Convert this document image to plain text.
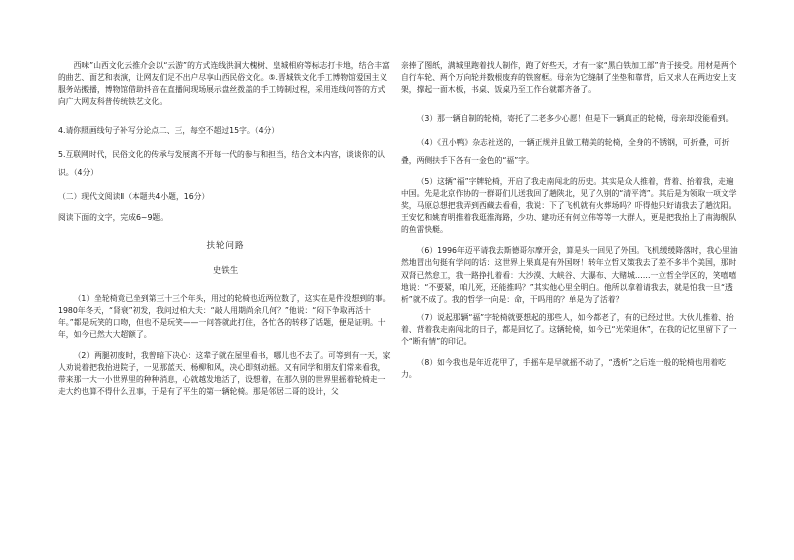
西味”山西文化云推介会以“云游”的方式连线洪洞大槐树、皇城相府等标志打卡地，结合丰富的曲艺、面艺和表演，让网友们足不出户尽享山西民俗文化。⑤.晋城铁文化手工博物馆爱国主义服务站搬播，博物馆借助抖音在直播间现场展示盘丝拨盖的手工铸制过程，采用连线问答的方式向广大网友科普传统铁艺文化。

4.请你照画线句子补写分论点二、三，每空不超过15字。（4分）

5.互联网时代，民俗文化的传承与发展离不开每一代的参与和担当，结合文本内容，谈谈你的认识。（4分）

（二）现代文阅读Ⅱ（本题共4小题，16分）

阅读下面的文字，完成6~9题。

扶轮问路

史铁生

（1）坐轮椅竟已坐到第三十三个年头，用过的轮椅也近两位数了，这实在是件没想到的事。1980年冬天，“肾衰”初发，我问过柏大夫：“敲人用期尚余几何？”他说：“闷下争取再活十年。”都是玩笑的口吻，但也不是玩笑——一问答就此打住，各忙各的转移了话题，便是证明。十年，如今已然大大超额了。

（2）两腿初废时，我曾暗下决心：这辈子就在屋里看书，哪儿也不去了。可等到有一天，家人劝说着把我抬进院子，一见那蓝天、杨柳和风，决心即刻动摇。又有同学和朋友们常来看我，带来那一大一小世界里的种种消息，心就越发地活了，设想着，在那久别的世界里摇着轮椅走一走大约也算不得什么丑事，于是有了平生的第一辆轮椅。那是邻居二哥的设计，父

亲捧了图纸，满城里跑着找人制作，跑了好些天，才有一家“黑白铁加工部”肯于接受。用材是两个自行车轮、两个万向轮并数根废弃的铁窗框。母亲为它缝制了坐垫和靠背，后又求人在两边安上支架，撑起一面木板，书桌、饭桌乃至工作台就都齐备了。

（3）那一辆自制的轮椅，寄托了二老多少心愿！但是下一辆真正的轮椅，母亲却没能看到。

（4）《丑小鸭》杂志社送的，一辆正规并且做工精美的轮椅，全身的不锈钢，可折叠，可折叠，两侧扶手下各有一金色的“福”字。

（5）这辆“福”字牌轮椅，开启了我走南闯北的历史。其实是众人推着，背着、抬着我，走遍中国。先是北京作协的一群哥们儿送我回了趟陕北，见了久别的“清平湾”。其后是为领取一项文学奖，马原总想把我弄到西藏去看看，我说：下了飞机就有火葬场吗？吓得他只好请我去了趟沈阳。王安忆和姚育明推着我逛淮海路，少功、建功还有何立伟等等一大群人，更是把我抬上了南海舰队的鱼雷快艇。

（6）1996年迈平请我去斯德哥尔摩开会，算是头一回见了外国。飞机缓缓降落时，我心里油然地冒出句挺有学问的话：这世界上果真是有外国呀！转年立哲又策我去了差不多半个美国，那时双肾已然怠工，我一路挣扎着看：大沙漠、大峡谷、大瀑布、大赌城……一立哲全学区的，笑嘻嘻地说：“不要紧，咱儿死，还能推吗？”其实他心里全明白。他所以拿着请我去，就是怕我一旦“透析”就不成了。我的哲学一向是：命，干吗用的？单是为了活着？

（7）说起那辆“福”字轮椅就要想起的那些人，如今都老了，有的已经过世。大伙儿推着、抬着、背着我走南闯北的日子，都是回忆了。这辆轮椅，如今已“光荣退休”，在我的记忆里留下了一个“断有情”的印记。

（8）如今我也是年近花甲了，手摇车是早就摇不动了，“透析”之后连一般的轮椅也用着吃力。
